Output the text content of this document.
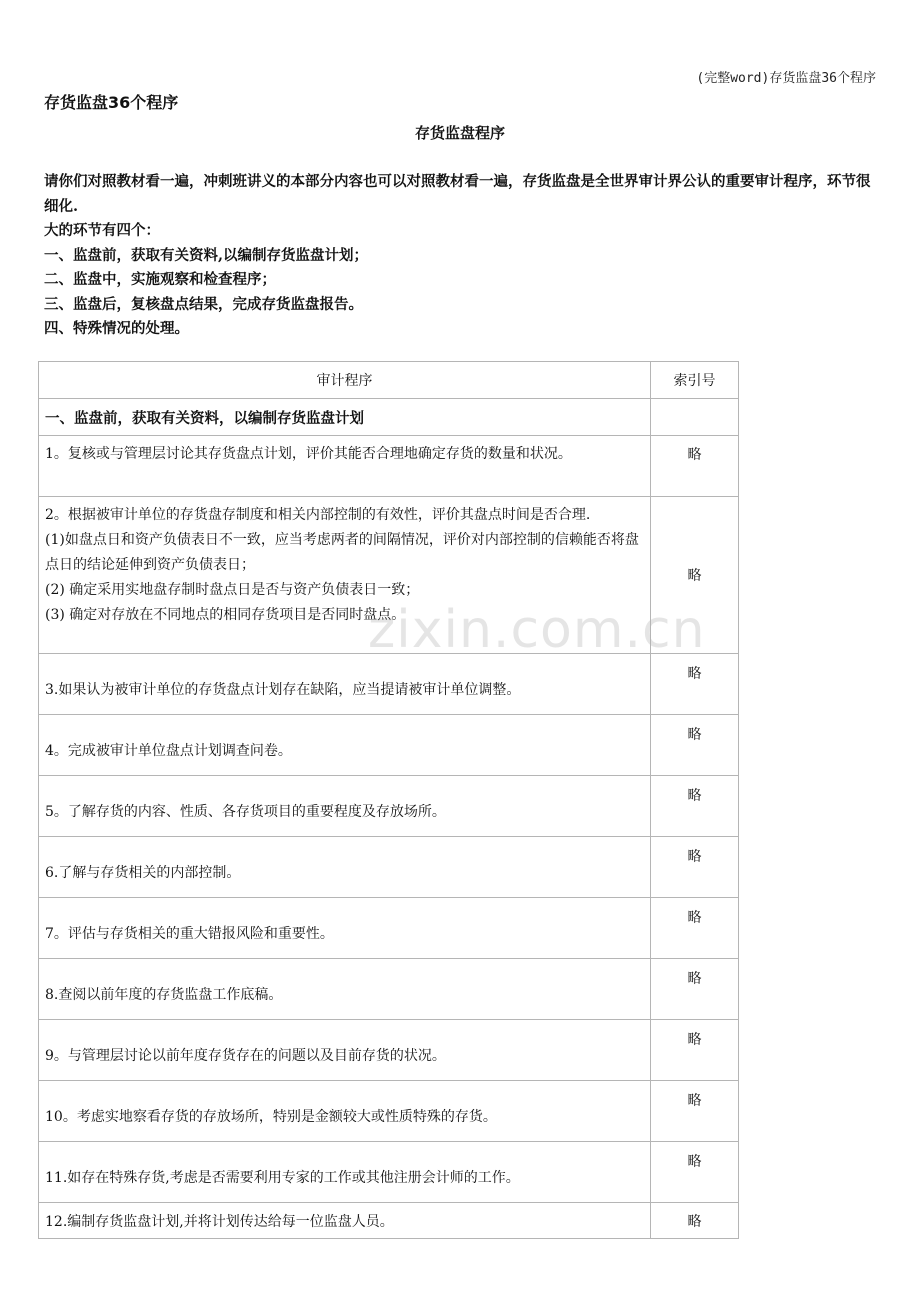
(完整word)存货监盘36个程序
存货监盘36个程序
存货监盘程序

请你们对照教材看一遍，冲刺班讲义的本部分内容也可以对照教材看一遍，存货监盘是全世界审计界公认的重要审计程序，环节很细化.

大的环节有四个：

一、监盘前，获取有关资料,以编制存货监盘计划；

二、监盘中，实施观察和检查程序；

三、监盘后，复核盘点结果，完成存货监盘报告。

四、特殊情况的处理。

审计程序	索引号
一、监盘前，获取有关资料，以编制存货监盘计划	

1。复核或与管理层讨论其存货盘点计划，评价其能否合理地确定存货的数量和状况。	略

2。根据被审计单位的存货盘存制度和相关内部控制的有效性，评价其盘点时间是否合理.
(1)如盘点日和资产负债表日不一致，应当考虑两者的间隔情况，评价对内部控制的信赖能否将盘点日的结论延伸到资产负债表日；
(2) 确定采用实地盘存制时盘点日是否与资产负债表日一致；
(3) 确定对存放在不同地点的相同存货项目是否同时盘点。	略

3.如果认为被审计单位的存货盘点计划存在缺陷，应当提请被审计单位调整。	略

4。完成被审计单位盘点计划调查问卷。	略

5。了解存货的内容、性质、各存货项目的重要程度及存放场所。	略

6.了解与存货相关的内部控制。	略

7。评估与存货相关的重大错报风险和重要性。	略

8.查阅以前年度的存货监盘工作底稿。	略

9。与管理层讨论以前年度存货存在的问题以及目前存货的状况。	略

10。考虑实地察看存货的存放场所，特别是金额较大或性质特殊的存货。	略

11.如存在特殊存货,考虑是否需要利用专家的工作或其他注册会计师的工作。	略

12.编制存货监盘计划,并将计划传达给每一位监盘人员。	略
zixin.com.cn
